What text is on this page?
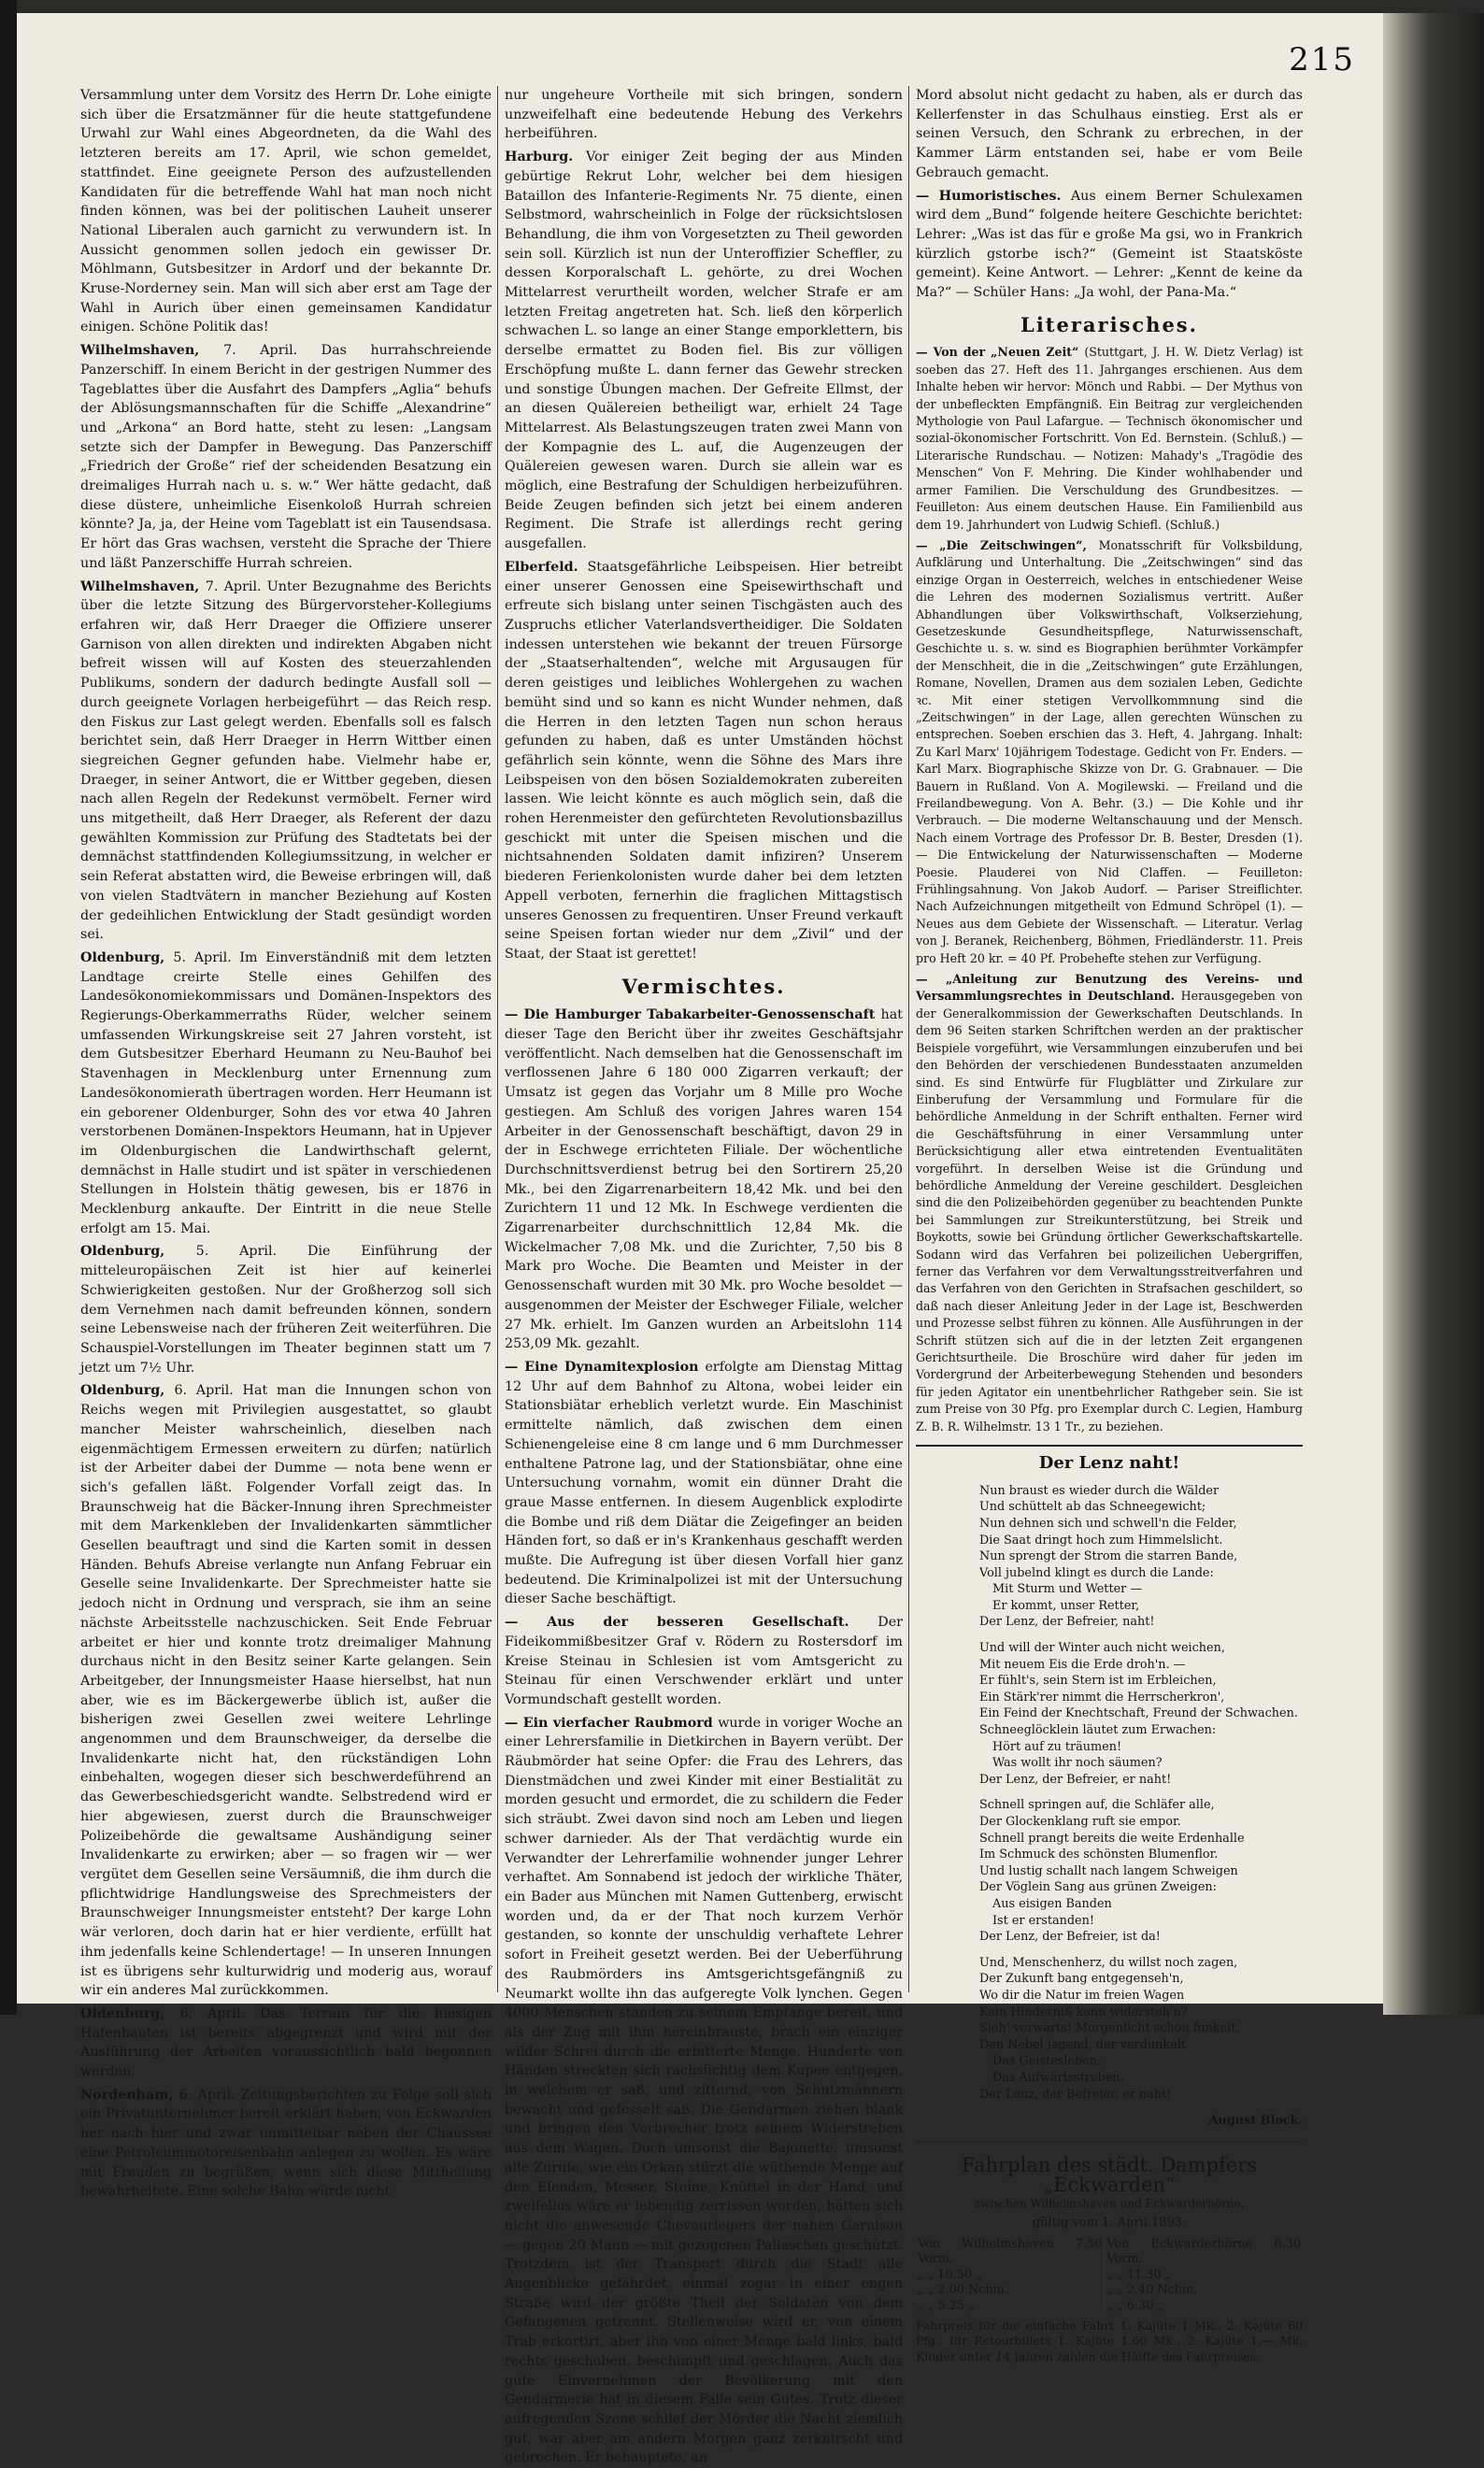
215

Versammlung unter dem Vorsitz des Herrn Dr. Lohe einigte sich über die Ersatzmänner für die heute stattgefundene Urwahl zur Wahl eines Abgeordneten, da die Wahl des letzteren bereits am 17. April, wie schon gemeldet, stattfindet. Eine geeignete Person des aufzustellenden Kandidaten für die betreffende Wahl hat man noch nicht finden können, was bei der politischen Lauheit unserer National Liberalen auch garnicht zu verwundern ist. In Aussicht genommen sollen jedoch ein gewisser Dr. Möhlmann, Gutsbesitzer in Ardorf und der bekannte Dr. Kruse-Norderney sein. Man will sich aber erst am Tage der Wahl in Aurich über einen gemeinsamen Kandidatur einigen. Schöne Politik das!

Wilhelmshaven, 7. April. Das hurrahschreiende Panzerschiff. In einem Bericht in der gestrigen Nummer des Tageblattes über die Ausfahrt des Dampfers „Aglia“ behufs der Ablösungsmannschaften für die Schiffe „Alexandrine“ und „Arkona“ an Bord hatte, steht zu lesen: „Langsam setzte sich der Dampfer in Bewegung. Das Panzerschiff „Friedrich der Große“ rief der scheidenden Besatzung ein dreimaliges Hurrah nach u. s. w.“ Wer hätte gedacht, daß diese düstere, unheimliche Eisenkoloß Hurrah schreien könnte? Ja, ja, der Heine vom Tageblatt ist ein Tausendsasa. Er hört das Gras wachsen, versteht die Sprache der Thiere und läßt Panzerschiffe Hurrah schreien.

Wilhelmshaven, 7. April. Unter Bezugnahme des Berichts über die letzte Sitzung des Bürgervorsteher-Kollegiums erfahren wir, daß Herr Draeger die Offiziere unserer Garnison von allen direkten und indirekten Abgaben nicht befreit wissen will auf Kosten des steuerzahlenden Publikums, sondern der dadurch bedingte Ausfall soll — durch geeignete Vorlagen herbeigeführt — das Reich resp. den Fiskus zur Last gelegt werden. Ebenfalls soll es falsch berichtet sein, daß Herr Draeger in Herrn Wittber einen siegreichen Gegner gefunden habe. Vielmehr habe er, Draeger, in seiner Antwort, die er Wittber gegeben, diesen nach allen Regeln der Redekunst vermöbelt. Ferner wird uns mitgetheilt, daß Herr Draeger, als Referent der dazu gewählten Kommission zur Prüfung des Stadtetats bei der demnächst stattfindenden Kollegiumssitzung, in welcher er sein Referat abstatten wird, die Beweise erbringen will, daß von vielen Stadtvätern in mancher Beziehung auf Kosten der gedeihlichen Entwicklung der Stadt gesündigt worden sei.

Oldenburg, 5. April. Im Einverständniß mit dem letzten Landtage creirte Stelle eines Gehilfen des Landesökonomiekommissars und Domänen-Inspektors des Regierungs-Oberkammerraths Rüder, welcher seinem umfassenden Wirkungskreise seit 27 Jahren vorsteht, ist dem Gutsbesitzer Eberhard Heumann zu Neu-Bauhof bei Stavenhagen in Mecklenburg unter Ernennung zum Landesökonomierath übertragen worden. Herr Heumann ist ein geborener Oldenburger, Sohn des vor etwa 40 Jahren verstorbenen Domänen-Inspektors Heumann, hat in Upjever im Oldenburgischen die Landwirthschaft gelernt, demnächst in Halle studirt und ist später in verschiedenen Stellungen in Holstein thätig gewesen, bis er 1876 in Mecklenburg ankaufte. Der Eintritt in die neue Stelle erfolgt am 15. Mai.

Oldenburg, 5. April. Die Einführung der mitteleuropäischen Zeit ist hier auf keinerlei Schwierigkeiten gestoßen. Nur der Großherzog soll sich dem Vernehmen nach damit befreunden können, sondern seine Lebensweise nach der früheren Zeit weiterführen. Die Schauspiel-Vorstellungen im Theater beginnen statt um 7 jetzt um 7½ Uhr.

Oldenburg, 6. April. Hat man die Innungen schon von Reichs wegen mit Privilegien ausgestattet, so glaubt mancher Meister wahrscheinlich, dieselben nach eigenmächtigem Ermessen erweitern zu dürfen; natürlich ist der Arbeiter dabei der Dumme — nota bene wenn er sich's gefallen läßt. Folgender Vorfall zeigt das. In Braunschweig hat die Bäcker-Innung ihren Sprechmeister mit dem Markenkleben der Invalidenkarten sämmtlicher Gesellen beauftragt und sind die Karten somit in dessen Händen. Behufs Abreise verlangte nun Anfang Februar ein Geselle seine Invalidenkarte. Der Sprechmeister hatte sie jedoch nicht in Ordnung und versprach, sie ihm an seine nächste Arbeitsstelle nachzuschicken. Seit Ende Februar arbeitet er hier und konnte trotz dreimaliger Mahnung durchaus nicht in den Besitz seiner Karte gelangen. Sein Arbeitgeber, der Innungsmeister Haase hierselbst, hat nun aber, wie es im Bäckergewerbe üblich ist, außer die bisherigen zwei Gesellen zwei weitere Lehrlinge angenommen und dem Braunschweiger, da derselbe die Invalidenkarte nicht hat, den rückständigen Lohn einbehalten, wogegen dieser sich beschwerdeführend an das Gewerbeschiedsgericht wandte. Selbstredend wird er hier abgewiesen, zuerst durch die Braunschweiger Polizeibehörde die gewaltsame Aushändigung seiner Invalidenkarte zu erwirken; aber — so fragen wir — wer vergütet dem Gesellen seine Versäumniß, die ihm durch die pflichtwidrige Handlungsweise des Sprechmeisters der Braunschweiger Innungsmeister entsteht? Der karge Lohn wär verloren, doch darin hat er hier verdiente, erfüllt hat ihm jedenfalls keine Schlendertage! — In unseren Innungen ist es übrigens sehr kulturwidrig und moderig aus, worauf wir ein anderes Mal zurückkommen.

Oldenburg, 6. April. Das Terrain für die hiesigen Hafenbauten ist bereits abgegrenzt und wird mit der Ausführung der Arbeiten voraussichtlich bald begonnen werden.

Nordenham, 6. April. Zeitungsberichten zu Folge soll sich ein Privatunternehmer bereit erklärt haben, von Eckwarden her nach hier und zwar unmittelbar neben der Chaussee eine Petroleummotoreisenbahn anlegen zu wollen. Es wäre mit Freuden zu begrüßen, wenn sich diese Mittheilung bewahrheitete. Eine solche Bahn würde nicht

nur ungeheure Vortheile mit sich bringen, sondern unzweifelhaft eine bedeutende Hebung des Verkehrs herbeiführen.

Harburg. Vor einiger Zeit beging der aus Minden gebürtige Rekrut Lohr, welcher bei dem hiesigen Bataillon des Infanterie-Regiments Nr. 75 diente, einen Selbstmord, wahrscheinlich in Folge der rücksichtslosen Behandlung, die ihm von Vorgesetzten zu Theil geworden sein soll. Kürzlich ist nun der Unteroffizier Scheffler, zu dessen Korporalschaft L. gehörte, zu drei Wochen Mittelarrest verurtheilt worden, welcher Strafe er am letzten Freitag angetreten hat. Sch. ließ den körperlich schwachen L. so lange an einer Stange emporklettern, bis derselbe ermattet zu Boden fiel. Bis zur völligen Erschöpfung mußte L. dann ferner das Gewehr strecken und sonstige Übungen machen. Der Gefreite Ellmst, der an diesen Quälereien betheiligt war, erhielt 24 Tage Mittelarrest. Als Belastungszeugen traten zwei Mann von der Kompagnie des L. auf, die Augenzeugen der Quälereien gewesen waren. Durch sie allein war es möglich, eine Bestrafung der Schuldigen herbeizuführen. Beide Zeugen befinden sich jetzt bei einem anderen Regiment. Die Strafe ist allerdings recht gering ausgefallen.

Elberfeld. Staatsgefährliche Leibspeisen. Hier betreibt einer unserer Genossen eine Speisewirthschaft und erfreute sich bislang unter seinen Tischgästen auch des Zuspruchs etlicher Vaterlandsvertheidiger. Die Soldaten indessen unterstehen wie bekannt der treuen Fürsorge der „Staatserhaltenden“, welche mit Argusaugen für deren geistiges und leibliches Wohlergehen zu wachen bemüht sind und so kann es nicht Wunder nehmen, daß die Herren in den letzten Tagen nun schon heraus gefunden zu haben, daß es unter Umständen höchst gefährlich sein könnte, wenn die Söhne des Mars ihre Leibspeisen von den bösen Sozialdemokraten zubereiten lassen. Wie leicht könnte es auch möglich sein, daß die rohen Herenmeister den gefürchteten Revolutionsbazillus geschickt mit unter die Speisen mischen und die nichtsahnenden Soldaten damit infiziren? Unserem biederen Ferienkolonisten wurde daher bei dem letzten Appell verboten, fernerhin die fraglichen Mittagstisch unseres Genossen zu frequentiren. Unser Freund verkauft seine Speisen fortan wieder nur dem „Zivil“ und der Staat, der Staat ist gerettet!

Vermischtes.

— Die Hamburger Tabakarbeiter-Genossenschaft hat dieser Tage den Bericht über ihr zweites Geschäftsjahr veröffentlicht. Nach demselben hat die Genossenschaft im verflossenen Jahre 6 180 000 Zigarren verkauft; der Umsatz ist gegen das Vorjahr um 8 Mille pro Woche gestiegen. Am Schluß des vorigen Jahres waren 154 Arbeiter in der Genossenschaft beschäftigt, davon 29 in der in Eschwege errichteten Filiale. Der wöchentliche Durchschnittsverdienst betrug bei den Sortirern 25,20 Mk., bei den Zigarrenarbeitern 18,42 Mk. und bei den Zurichtern 11 und 12 Mk. In Eschwege verdienten die Zigarrenarbeiter durchschnittlich 12,84 Mk. die Wickelmacher 7,08 Mk. und die Zurichter, 7,50 bis 8 Mark pro Woche. Die Beamten und Meister in der Genossenschaft wurden mit 30 Mk. pro Woche besoldet — ausgenommen der Meister der Eschweger Filiale, welcher 27 Mk. erhielt. Im Ganzen wurden an Arbeitslohn 114 253,09 Mk. gezahlt.

— Eine Dynamitexplosion erfolgte am Dienstag Mittag 12 Uhr auf dem Bahnhof zu Altona, wobei leider ein Stationsbiätar erheblich verletzt wurde. Ein Maschinist ermittelte nämlich, daß zwischen dem einen Schienengeleise eine 8 cm lange und 6 mm Durchmesser enthaltene Patrone lag, und der Stationsbiätar, ohne eine Untersuchung vornahm, womit ein dünner Draht die graue Masse entfernen. In diesem Augenblick explodirte die Bombe und riß dem Diätar die Zeigefinger an beiden Händen fort, so daß er in's Krankenhaus geschafft werden mußte. Die Aufregung ist über diesen Vorfall hier ganz bedeutend. Die Kriminalpolizei ist mit der Untersuchung dieser Sache beschäftigt.

— Aus der besseren Gesellschaft. Der Fideikommißbesitzer Graf v. Rödern zu Rostersdorf im Kreise Steinau in Schlesien ist vom Amtsgericht zu Steinau für einen Verschwender erklärt und unter Vormundschaft gestellt worden.

— Ein vierfacher Raubmord wurde in voriger Woche an einer Lehrersfamilie in Dietkirchen in Bayern verübt. Der Räubmörder hat seine Opfer: die Frau des Lehrers, das Dienstmädchen und zwei Kinder mit einer Bestialität zu morden gesucht und ermordet, die zu schildern die Feder sich sträubt. Zwei davon sind noch am Leben und liegen schwer darnieder. Als der That verdächtig wurde ein Verwandter der Lehrerfamilie wohnender junger Lehrer verhaftet. Am Sonnabend ist jedoch der wirkliche Thäter, ein Bader aus München mit Namen Guttenberg, erwischt worden und, da er der That noch kurzem Verhör gestanden, so konnte der unschuldig verhaftete Lehrer sofort in Freiheit gesetzt werden. Bei der Ueberführung des Raubmörders ins Amtsgerichtsgefängniß zu Neumarkt wollte ihn das aufgeregte Volk lynchen. Gegen 4000 Menschen standen zu seinem Empfange bereit, und als der Zug mit ihm hereinbrauste, brach ein einziger wilder Schrei durch die erbitterte Menge. Hunderte von Händen streckten sich rachsüchtig dem Kupee entgegen, in welchem er saß, und zitternd, von Schutzmännern bewacht und gefesselt saß. Die Gendarmen ziehen blank und bringen den Verbrecher trotz seinem Widerstreben aus dem Wagen. Doch umsonst die Bajonette, umsonst alle Zurufe, wie ein Orkan stürzt die wüthende Menge auf den Elenden, Messer, Steine, Knüttel in der Hand, und zweifellos wäre er lebendig zerrissen worden, hätten sich nicht die anwesende Chevaurlegers der nahen Garnison — gegen 20 Mann — mit gezogenen Pallaschen geschützt. Trotzdem ist der Transport durch die Stadt alle Augenblicke gefährdet, einmal zogar in einer engen Straße wird der größte Theil der Soldaten von dem Gefangenen getrennt. Stellenweise wird er, von einem Trab erkortirt, aber ihn von einer Menge bald links, bald rechts geschoben, beschimpft und geschlagen. Auch das gute Einvernehmen der Bevölkerung mit den Gendarmerie hat in diesem Falle sein Gutes. Trotz dieser aufregenden Szene schlief der Mörder die Nacht ziemlich gut, war aber am andern Morgen ganz zerknirscht und gebrochen. Er behauptete, an

Mord absolut nicht gedacht zu haben, als er durch das Kellerfenster in das Schulhaus einstieg. Erst als er seinen Versuch, den Schrank zu erbrechen, in der Kammer Lärm entstanden sei, habe er vom Beile Gebrauch gemacht.

— Humoristisches. Aus einem Berner Schulexamen wird dem „Bund“ folgende heitere Geschichte berichtet: Lehrer: „Was ist das für e große Ma gsi, wo in Frankrich kürzlich gstorbe isch?“ (Gemeint ist Staatsköste gemeint). Keine Antwort. — Lehrer: „Kennt de keine da Ma?“ — Schüler Hans: „Ja wohl, der Pana-Ma.“

Literarisches.

— Von der „Neuen Zeit“ (Stuttgart, J. H. W. Dietz Verlag) ist soeben das 27. Heft des 11. Jahrganges erschienen. Aus dem Inhalte heben wir hervor: Mönch und Rabbi. — Der Mythus von der unbefleckten Empfängniß. Ein Beitrag zur vergleichenden Mythologie von Paul Lafargue. — Technisch ökonomischer und sozial-ökonomischer Fortschritt. Von Ed. Bernstein. (Schluß.) — Literarische Rundschau. — Notizen: Mahady's „Tragödie des Menschen“ Von F. Mehring. Die Kinder wohlhabender und armer Familien. Die Verschuldung des Grundbesitzes. — Feuilleton: Aus einem deutschen Hause. Ein Familienbild aus dem 19. Jahrhundert von Ludwig Schiefl. (Schluß.)

— „Die Zeitschwingen“, Monatsschrift für Volksbildung, Aufklärung und Unterhaltung. Die „Zeitschwingen“ sind das einzige Organ in Oesterreich, welches in entschiedener Weise die Lehren des modernen Sozialismus vertritt. Außer Abhandlungen über Volkswirthschaft, Volkserziehung, Gesetzeskunde Gesundheitspflege, Naturwissenschaft, Geschichte u. s. w. sind es Biographien berühmter Vorkämpfer der Menschheit, die in die „Zeitschwingen“ gute Erzählungen, Romane, Novellen, Dramen aus dem sozialen Leben, Gedichte ꝛc. Mit einer stetigen Vervollkommnung sind die „Zeitschwingen“ in der Lage, allen gerechten Wünschen zu entsprechen. Soeben erschien das 3. Heft, 4. Jahrgang. Inhalt: Zu Karl Marx' 10jährigem Todestage. Gedicht von Fr. Enders. — Karl Marx. Biographische Skizze von Dr. G. Grabnauer. — Die Bauern in Rußland. Von A. Mogilewski. — Freiland und die Freilandbewegung. Von A. Behr. (3.) — Die Kohle und ihr Verbrauch. — Die moderne Weltanschauung und der Mensch. Nach einem Vortrage des Professor Dr. B. Bester, Dresden (1). — Die Entwickelung der Naturwissenschaften — Moderne Poesie. Plauderei von Nid Claffen. — Feuilleton: Frühlingsahnung. Von Jakob Audorf. — Pariser Streiflichter. Nach Aufzeichnungen mitgetheilt von Edmund Schröpel (1). — Neues aus dem Gebiete der Wissenschaft. — Literatur. Verlag von J. Beranek, Reichenberg, Böhmen, Friedländerstr. 11. Preis pro Heft 20 kr. = 40 Pf. Probehefte stehen zur Verfügung.

— „Anleitung zur Benutzung des Vereins- und Versammlungsrechtes in Deutschland. Herausgegeben von der Generalkommission der Gewerkschaften Deutschlands. In dem 96 Seiten starken Schriftchen werden an der praktischer Beispiele vorgeführt, wie Versammlungen einzuberufen und bei den Behörden der verschiedenen Bundesstaaten anzumelden sind. Es sind Entwürfe für Flugblätter und Zirkulare zur Einberufung der Versammlung und Formulare für die behördliche Anmeldung in der Schrift enthalten. Ferner wird die Geschäftsführung in einer Versammlung unter Berücksichtigung aller etwa eintretenden Eventualitäten vorgeführt. In derselben Weise ist die Gründung und behördliche Anmeldung der Vereine geschildert. Desgleichen sind die den Polizeibehörden gegenüber zu beachtenden Punkte bei Sammlungen zur Streikunterstützung, bei Streik und Boykotts, sowie bei Gründung örtlicher Gewerkschaftskartelle. Sodann wird das Verfahren bei polizeilichen Uebergriffen, ferner das Verfahren vor dem Verwaltungsstreitverfahren und das Verfahren von den Gerichten in Strafsachen geschildert, so daß nach dieser Anleitung Jeder in der Lage ist, Beschwerden und Prozesse selbst führen zu können. Alle Ausführungen in der Schrift stützen sich auf die in der letzten Zeit ergangenen Gerichtsurtheile. Die Broschüre wird daher für jeden im Vordergrund der Arbeiterbewegung Stehenden und besonders für jeden Agitator ein unentbehrlicher Rathgeber sein. Sie ist zum Preise von 30 Pfg. pro Exemplar durch C. Legien, Hamburg Z. B. R. Wilhelmstr. 13 1 Tr., zu beziehen.

Der Lenz naht!
Nun braust es wieder durch die Wälder
Und schüttelt ab das Schneegewicht;
Nun dehnen sich und schwell'n die Felder,
Die Saat dringt hoch zum Himmelslicht.
Nun sprengt der Strom die starren Bande,
Voll jubelnd klingt es durch die Lande:
Mit Sturm und Wetter —
Er kommt, unser Retter,
Der Lenz, der Befreier, naht!
Und will der Winter auch nicht weichen,
Mit neuem Eis die Erde droh'n. —
Er fühlt's, sein Stern ist im Erbleichen,
Ein Stärk'rer nimmt die Herrscherkron',
Ein Feind der Knechtschaft, Freund der Schwachen.
Schneeglöcklein läutet zum Erwachen:
Hört auf zu träumen!
Was wollt ihr noch säumen?
Der Lenz, der Befreier, er naht!
Schnell springen auf, die Schläfer alle,
Der Glockenklang ruft sie empor.
Schnell prangt bereits die weite Erdenhalle
Im Schmuck des schönsten Blumenflor.
Und lustig schallt nach langem Schweigen
Der Vöglein Sang aus grünen Zweigen:
Aus eisigen Banden
Ist er erstanden!
Der Lenz, der Befreier, ist da!
Und, Menschenherz, du willst noch zagen,
Der Zukunft bang entgegenseh'n,
Wo dir die Natur im freien Wagen
Kein Hinderniß kann widersteh'n?
Sieh' vorwärts! Morgenlicht schon funkelt,
Den Nebel jagend, der verdunkelt
Das Geistesleben,
Das Aufwärtsstreben.
Der Lenz, der Befreier, er naht!
August Block.
Fahrplan des städt. Dampfers „Eckwarden“
zwischen Wilhelmshaven und Eckwarderhörne,
gültig vom 1. April 1893.
Von Wilhelmshaven 7.50 Vorm.	Von Eckwarderhörne 8.30 Vorm.
„ „ 10.50 „	„ „ 11.30 „
„ „ 2.00 Nchm.	„ „ 2.40 Nchm.
„ „ 5.25 „	„ „ 6.30 „
Fahrpreis für die einfache Fahrt 1. Kajüte 1 Mk., 2. Kajüte 60 Pfg., für Retourbillets 1. Kajüte 1.60 Mk., 2. Kajüte 1,— Mk. Kinder unter 14 Jahren zahlen die Hälfte des Fahrpreises.
